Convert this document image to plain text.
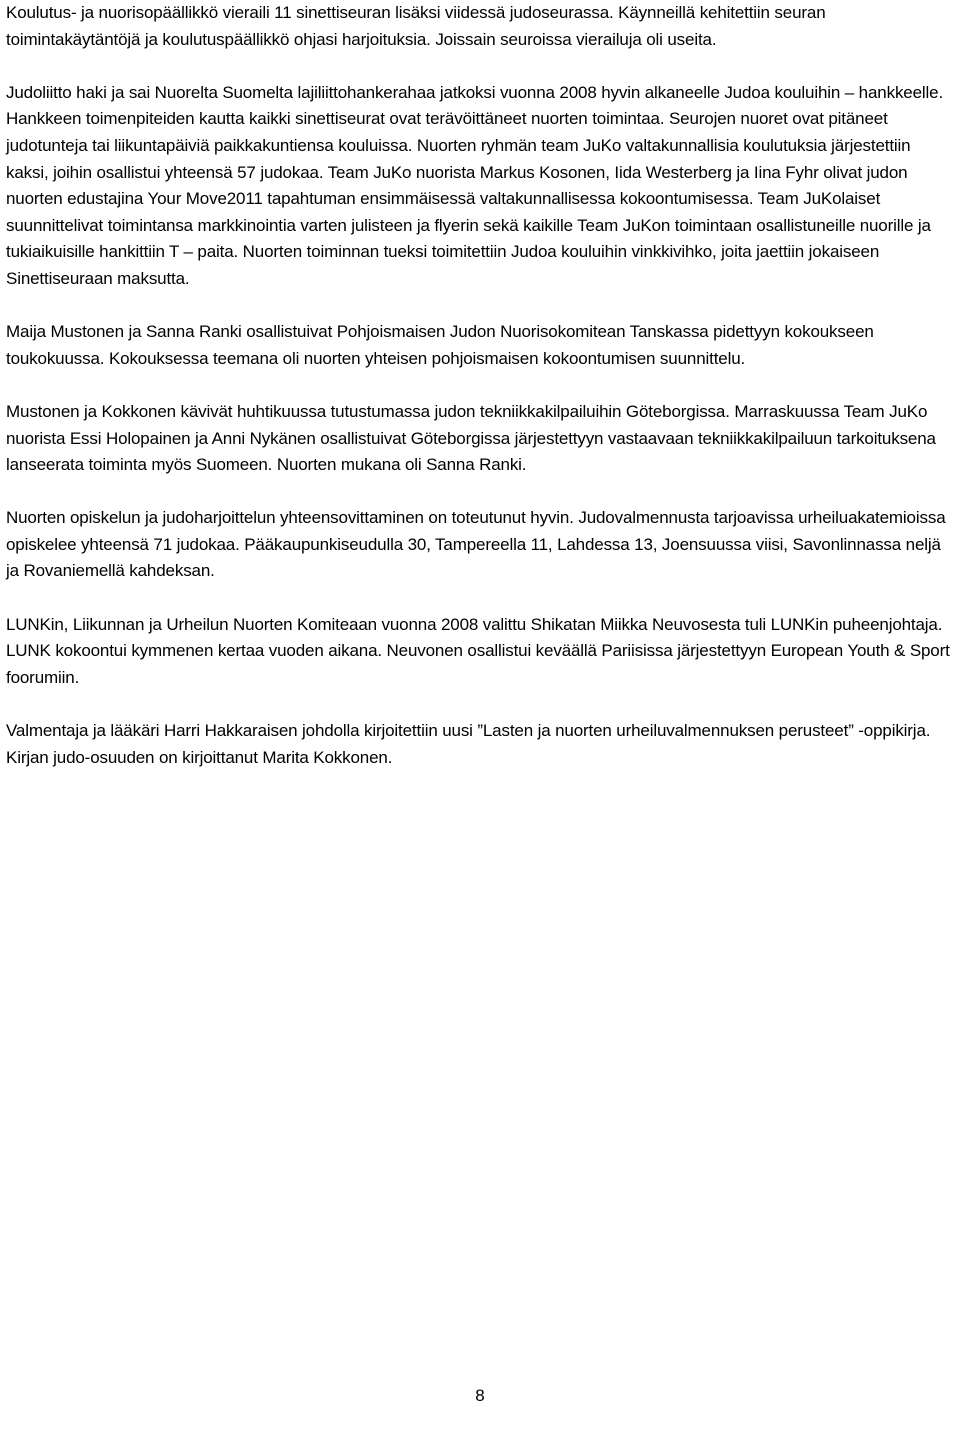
Koulutus- ja nuorisopäällikkö vieraili 11 sinettiseuran lisäksi viidessä judoseurassa. Käynneillä kehitettiin seuran toimintakäytäntöjä ja koulutuspäällikkö ohjasi harjoituksia. Joissain seuroissa vierailuja oli useita.

Judoliitto haki ja sai Nuorelta Suomelta lajiliittohankerahaa jatkoksi vuonna 2008 hyvin alkaneelle Judoa kouluihin – hankkeelle. Hankkeen toimenpiteiden kautta kaikki sinettiseurat ovat terävöittäneet nuorten toimintaa. Seurojen nuoret ovat pitäneet judotunteja tai liikuntapäiviä paikkakuntiensa kouluissa. Nuorten ryhmän team JuKo valtakunnallisia koulutuksia järjestettiin kaksi, joihin osallistui yhteensä 57 judokaa. Team JuKo nuorista Markus Kosonen, Iida Westerberg ja Iina Fyhr olivat judon nuorten edustajina Your Move2011 tapahtuman ensimmäisessä valtakunnallisessa kokoontumisessa. Team JuKolaiset suunnittelivat toimintansa markkinointia varten julisteen ja flyerin sekä kaikille Team JuKon toimintaan osallistuneille nuorille ja tukiaikuisille hankittiin T – paita. Nuorten toiminnan tueksi toimitettiin Judoa kouluihin vinkkivihko, joita jaettiin jokaiseen Sinettiseuraan maksutta.

Maija Mustonen ja Sanna Ranki osallistuivat Pohjoismaisen Judon Nuorisokomitean Tanskassa pidettyyn kokoukseen toukokuussa. Kokouksessa teemana oli nuorten yhteisen pohjoismaisen kokoontumisen suunnittelu.

Mustonen ja Kokkonen kävivät huhtikuussa tutustumassa judon tekniikkakilpailuihin Göteborgissa. Marraskuussa Team JuKo nuorista Essi Holopainen ja Anni Nykänen osallistuivat Göteborgissa järjestettyyn vastaavaan tekniikkakilpailuun tarkoituksena lanseerata toiminta myös Suomeen. Nuorten mukana oli Sanna Ranki.

Nuorten opiskelun ja judoharjoittelun yhteensovittaminen on toteutunut hyvin. Judovalmennusta tarjoavissa urheiluakatemioissa opiskelee yhteensä 71 judokaa. Pääkaupunkiseudulla 30, Tampereella 11, Lahdessa 13, Joensuussa viisi, Savonlinnassa neljä ja Rovaniemellä kahdeksan.

LUNKin, Liikunnan ja Urheilun Nuorten Komiteaan vuonna 2008 valittu Shikatan Miikka Neuvosesta tuli LUNKin puheenjohtaja. LUNK kokoontui kymmenen kertaa vuoden aikana. Neuvonen osallistui keväällä Pariisissa järjestettyyn European Youth & Sport foorumiin.

Valmentaja ja lääkäri Harri Hakkaraisen johdolla kirjoitettiin uusi ”Lasten ja nuorten urheiluvalmennuksen perusteet” -oppikirja. Kirjan judo-osuuden on kirjoittanut Marita Kokkonen.

8
